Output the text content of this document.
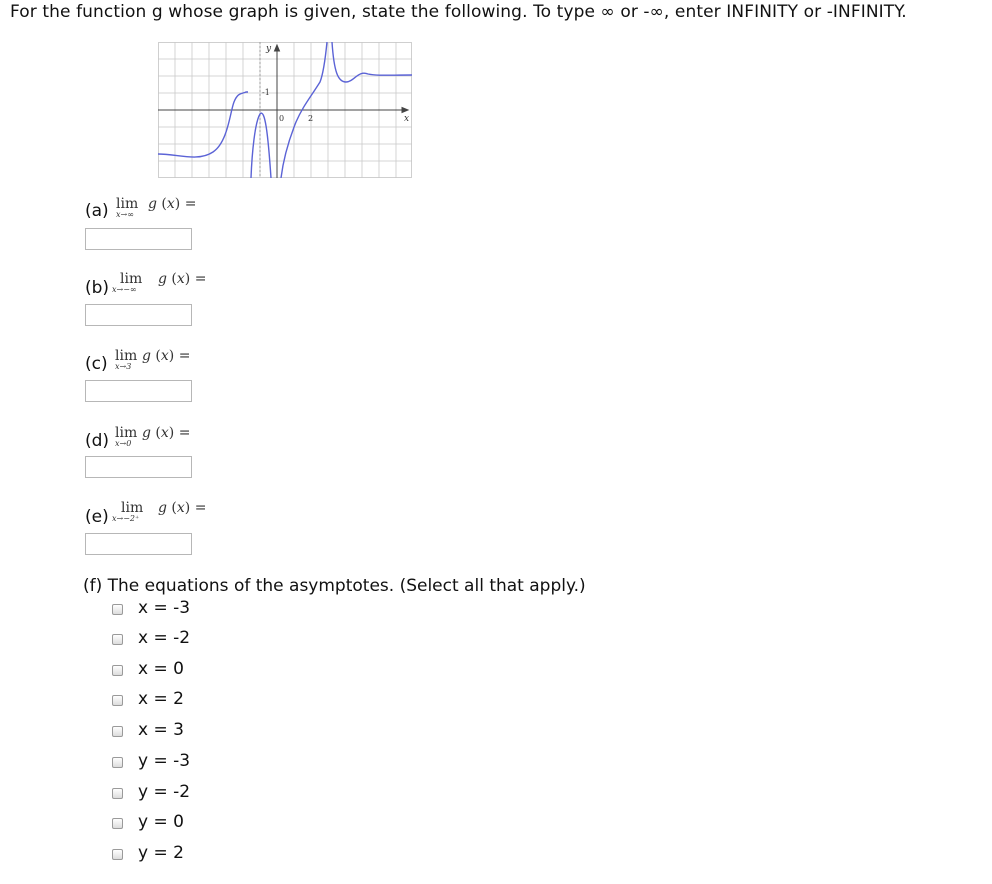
For the function g whose graph is given, state the following. To type ∞ or -∞, enter INFINITY or -INFINITY.
y
x
-1
0	2
(a) lim
x→∞
g (x) =
(b) lim
x→−∞
g (x) =
(c) lim
x→3
g (x) =
(d) lim
x→0
g (x) =
(e) lim
x→−2⁺
g (x) =
(f) The equations of the asymptotes. (Select all that apply.)
x = -3
x = -2
x = 0
x = 2
x = 3
y = -3
y = -2
y = 0
y = 2
